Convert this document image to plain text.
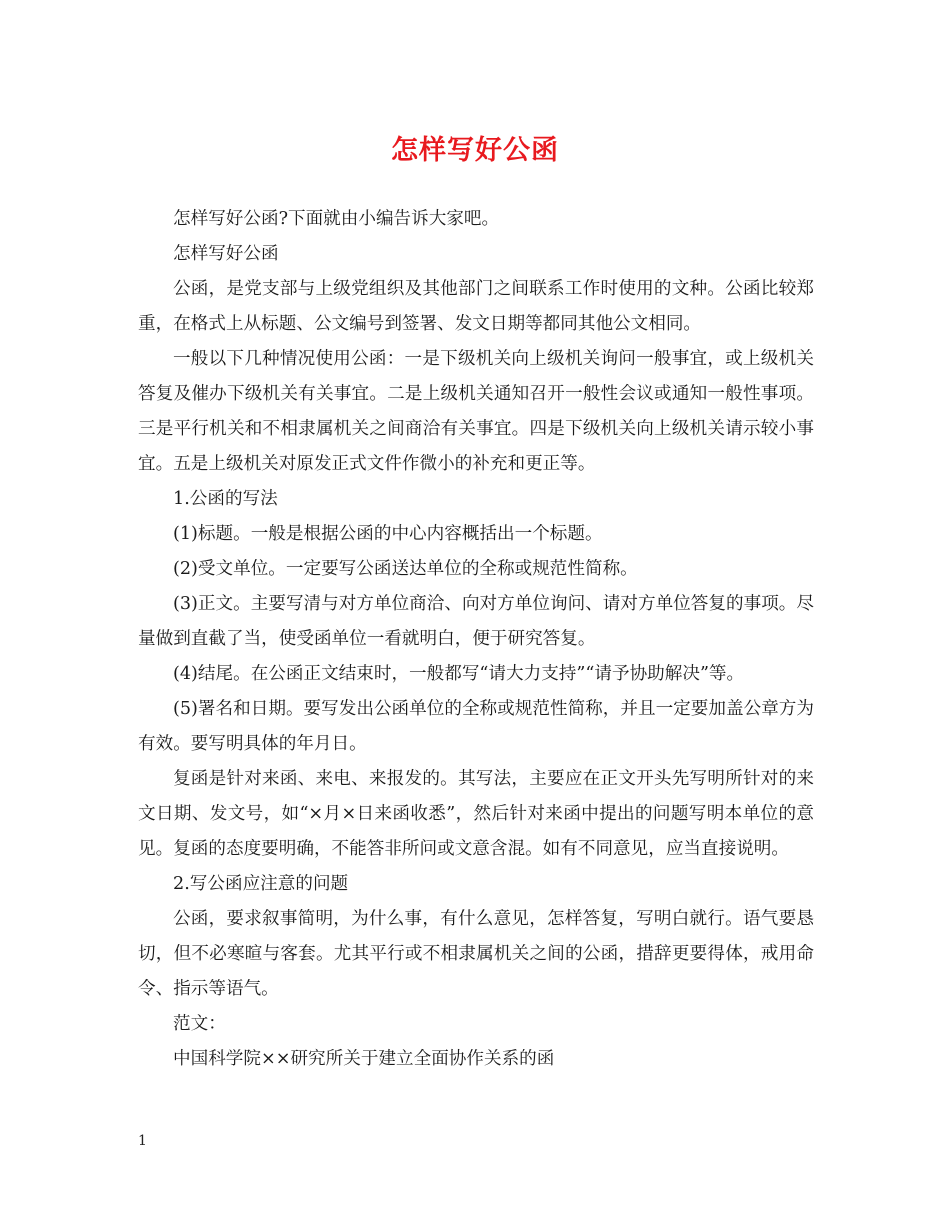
怎样写好公函

怎样写好公函?下面就由小编告诉大家吧。

怎样写好公函

公函，是党支部与上级党组织及其他部门之间联系工作时使用的文种。公函比较郑重，在格式上从标题、公文编号到签署、发文日期等都同其他公文相同。

一般以下几种情况使用公函：一是下级机关向上级机关询问一般事宜，或上级机关答复及催办下级机关有关事宜。二是上级机关通知召开一般性会议或通知一般性事项。三是平行机关和不相隶属机关之间商洽有关事宜。四是下级机关向上级机关请示较小事宜。五是上级机关对原发正式文件作微小的补充和更正等。

1.公函的写法

(1)标题。一般是根据公函的中心内容概括出一个标题。

(2)受文单位。一定要写公函送达单位的全称或规范性简称。

(3)正文。主要写清与对方单位商洽、向对方单位询问、请对方单位答复的事项。尽量做到直截了当，使受函单位一看就明白，便于研究答复。

(4)结尾。在公函正文结束时，一般都写“请大力支持”“请予协助解决”等。

(5)署名和日期。要写发出公函单位的全称或规范性简称，并且一定要加盖公章方为有效。要写明具体的年月日。

复函是针对来函、来电、来报发的。其写法，主要应在正文开头先写明所针对的来文日期、发文号，如“×月×日来函收悉”，然后针对来函中提出的问题写明本单位的意见。复函的态度要明确，不能答非所问或文意含混。如有不同意见，应当直接说明。

2.写公函应注意的问题

公函，要求叙事简明，为什么事，有什么意见，怎样答复，写明白就行。语气要恳切，但不必寒暄与客套。尤其平行或不相隶属机关之间的公函，措辞更要得体，戒用命令、指示等语气。

范文：

中国科学院××研究所关于建立全面协作关系的函

1
